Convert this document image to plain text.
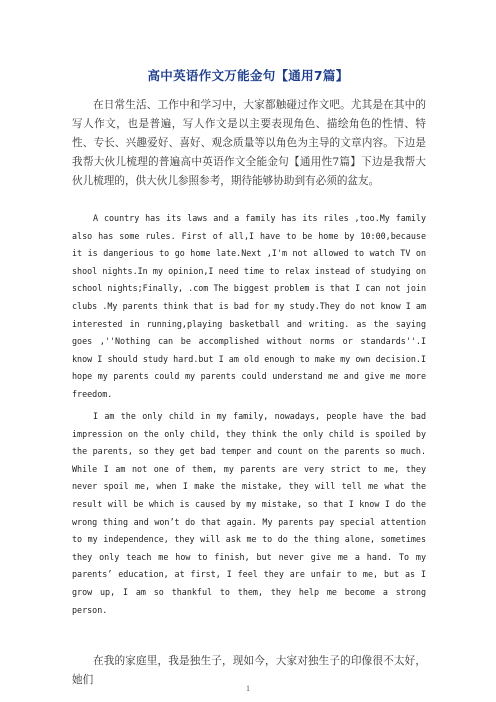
高中英语作文万能金句【通用7篇】

在日常生活、工作中和学习中，大家都触碰过作文吧。尤其是在其中的写人作文，也是普遍，写人作文是以主要表现角色、描绘角色的性情、特性、专长、兴趣爱好、喜好、观念质量等以角色为主导的文章内容。下边是我帮大伙儿梳理的普遍高中英语作文全能金句【通用性7篇】下边是我帮大伙儿梳理的，供大伙儿参照参考，期待能够协助到有必须的盆友。

A country has its laws and a family has its riles ,too.My family also has some rules. First of all,I have to be home by 10:00,because it is dangerious to go home late.Next ,I'm not allowed to watch TV on shool nights.In my opinion,I need time to relax instead of studying on school nights;Finally, .com The biggest problem is that I can not join clubs .My parents think that is bad for my study.They do not know I am interested in running,playing basketball and writing. as the saying goes ,''Nothing can be accomplished without norms or standards''.I know I should study hard.but I am old enough to make my own decision.I hope my parents could my parents could understand me and give me more freedom.

I am the only child in my family, nowadays, people have the bad impression on the only child, they think the only child is spoiled by the parents, so they get bad temper and count on the parents so much. While I am not one of them, my parents are very strict to me, they never spoil me, when I make the mistake, they will tell me what the result will be which is caused by my mistake, so that I know I do the wrong thing and won’t do that again. My parents pay special attention to my independence, they will ask me to do the thing alone, sometimes they only teach me how to finish, but never give me a hand. To my parents’ education, at first, I feel they are unfair to me, but as I grow up, I am so thankful to them, they help me become a strong person.

在我的家庭里，我是独生子，现如今，大家对独生子的印像很不太好，她们

1
